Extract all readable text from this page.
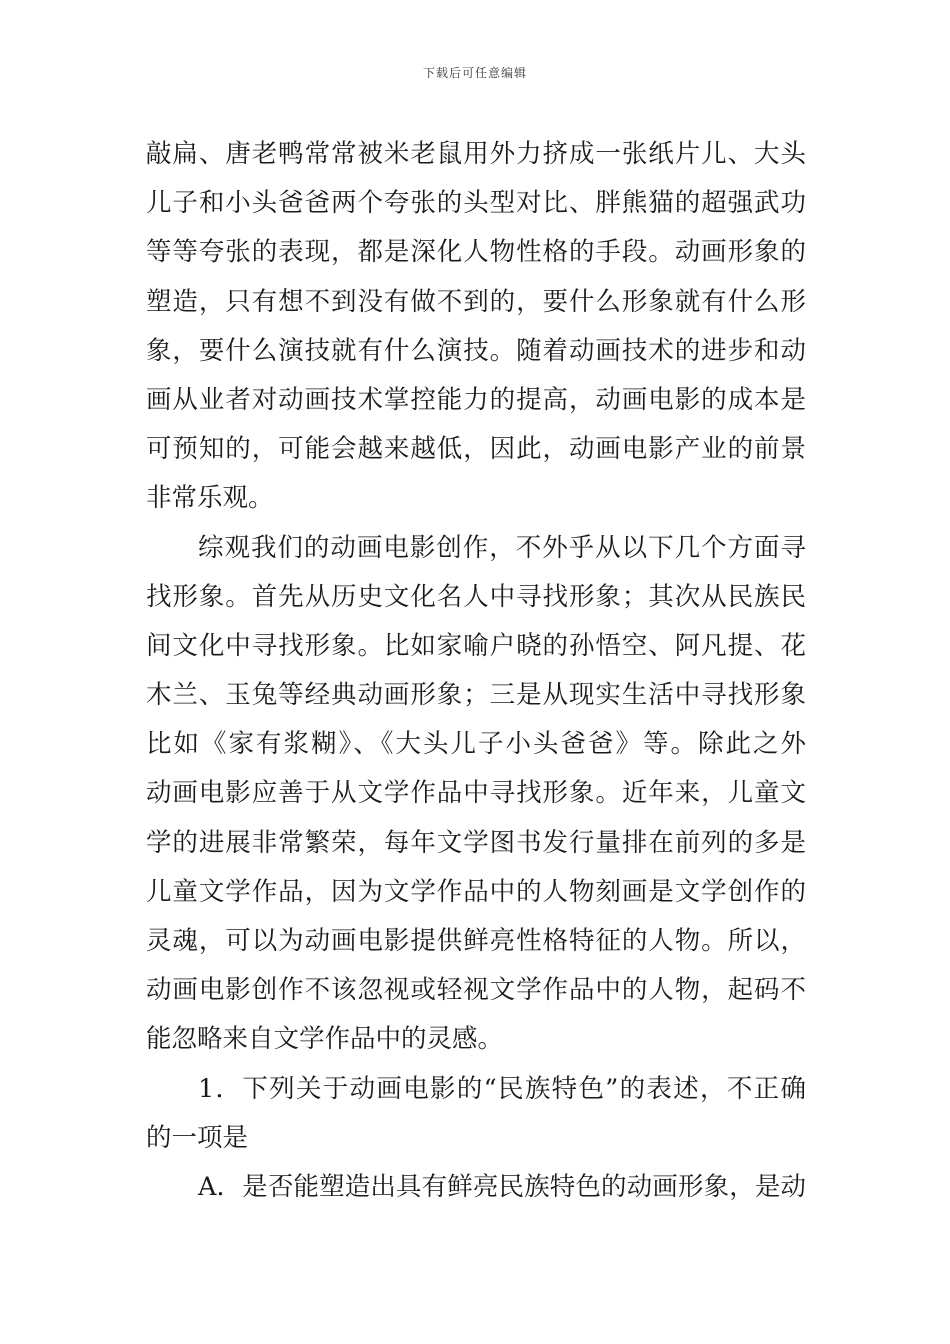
下载后可任意编辑
敲扁、唐老鸭常常被米老鼠用外力挤成一张纸片儿、大头
儿子和小头爸爸两个夸张的头型对比、胖熊猫的超强武功
等等夸张的表现，都是深化人物性格的手段。动画形象的
塑造，只有想不到没有做不到的，要什么形象就有什么形
象，要什么演技就有什么演技。随着动画技术的进步和动
画从业者对动画技术掌控能力的提高，动画电影的成本是
可预知的，可能会越来越低，因此，动画电影产业的前景
非常乐观。
综观我们的动画电影创作，不外乎从以下几个方面寻
找形象。首先从历史文化名人中寻找形象；其次从民族民
间文化中寻找形象。比如家喻户晓的孙悟空、阿凡提、花
木兰、玉兔等经典动画形象；三是从现实生活中寻找形象
比如《家有浆糊》、《大头儿子小头爸爸》等。除此之外
动画电影应善于从文学作品中寻找形象。近年来，儿童文
学的进展非常繁荣，每年文学图书发行量排在前列的多是
儿童文学作品，因为文学作品中的人物刻画是文学创作的
灵魂，可以为动画电影提供鲜亮性格特征的人物。所以，
动画电影创作不该忽视或轻视文学作品中的人物，起码不
能忽略来自文学作品中的灵感。
1．下列关于动画电影的“民族特色”的表述，不正确
的一项是
A．是否能塑造出具有鲜亮民族特色的动画形象，是动
